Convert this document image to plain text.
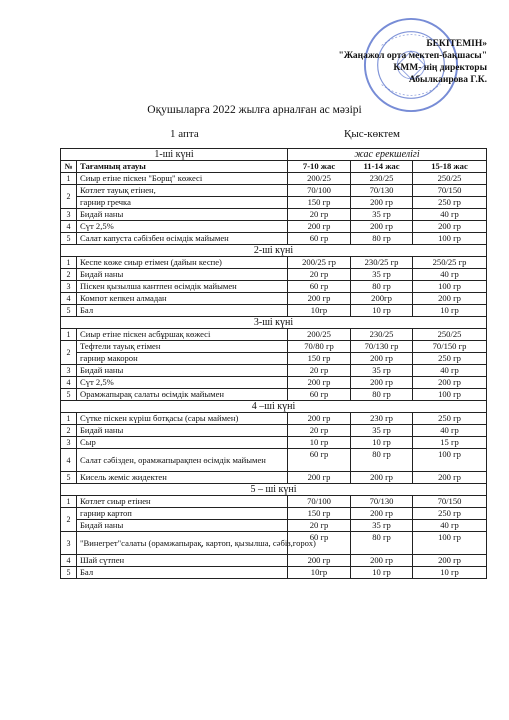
БЕКІТЕМІН»
"Жаңажол орта мектеп-бақшасы"
КММ- нің директоры
Абылкаирова Г.К.
Оқушыларға 2022 жылға арналған ас мәзірі
1 апта	Қыс-көктем
1-ші күні		жас ерекшелігі		
№	Тағамның атауы	7-10 жас	11-14 жас	15-18 жас
1	Сиыр етіне піскен "Борщ" көжесі	200/25	230/25	250/25
2	Котлет тауық етінен,	70/100	70/130	70/150
	гарнир гречка	150 гр	200 гр	250 гр
3	Бидай наны	20 гр	35 гр	40 гр
4	Сүт 2,5%	200 гр	200 гр	200 гр
5	Салат капуста сәбізбен өсімдік майымен	60 гр	80 гр	100 гр
2-ші күні				
1	Кеспе көже сиыр етімен (дайын кеспе)	200/25 гр	230/25 гр	250/25 гр
2	Бидай наны	20 гр	35 гр	40 гр
3	Піскен қызылша кантпен өсімдік майымен	60 гр	80 гр	100 гр
4	Компот кепкен алмадан	200 гр	200гр	200 гр
5	Бал	10гр	10 гр	10 гр
3-ші күні				
1	Сиыр етіне піскен асбұршақ көжесі	200/25	230/25	250/25
2	Тефтели тауық етімен	70/80 гр	70/130 гр	70/150 гр
	гарнир макорон	150 гр	200 гр	250 гр
3	Бидай наны	20 гр	35 гр	40 гр
4	Сүт 2,5%	200 гр	200 гр	200 гр
5	Орамжапырақ салаты өсімдік майымен	60 гр	80 гр	100 гр
4 –ші күні				
1	Сүтке піскен күріш ботқасы (сары маймен)	200 гр	230 гр	250 гр
2	Бидай наны	20 гр	35 гр	40 гр
3	Сыр	10 гр	10 гр	15 гр
4	Салат сәбізден, орамжапырақпен өсімдік майымен	60 гр	80 гр	100 гр
5	Кисель жеміс жидектен	200 гр	200 гр	200 гр
5 – ші күні				
1	Котлет сиыр етінен	70/100	70/130	70/150
2	гарнир картоп	150 гр	200 гр	250 гр
	Бидай наны	20 гр	35 гр	40 гр
3	"Винегрет"салаты (орамжапырақ, картоп, қызылша, сәбіз,горох)	60 гр	80 гр	100 гр
4	Шай сүтпен	200 гр	200 гр	200 гр
5	Бал	10гр	10 гр	10 гр
